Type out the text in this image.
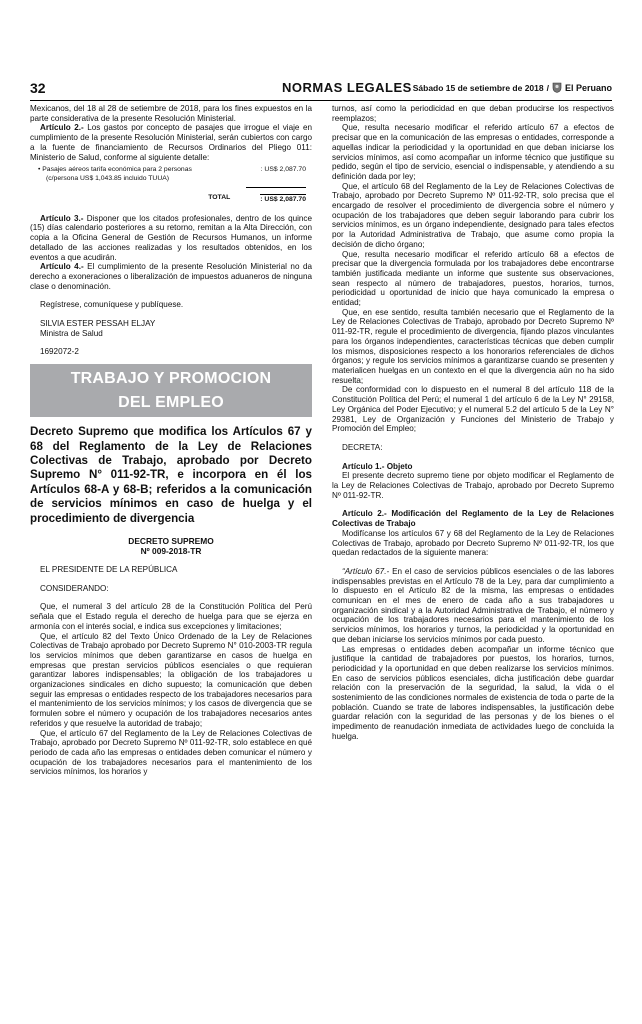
32	NORMAS LEGALES Sábado 15 de setiembre de 2018 / El Peruano

Mexicanos, del 18 al 28 de setiembre de 2018, para los fines expuestos en la parte considerativa de la presente Resolución Ministerial.

Artículo 2.- Los gastos por concepto de pasajes que irrogue el viaje en cumplimiento de la presente Resolución Ministerial, serán cubiertos con cargo a la fuente de financiamiento de Recursos Ordinarios del Pliego 011: Ministerio de Salud, conforme al siguiente detalle:

• Pasajes aéreos tarifa económica para 2 personas	: US$ 2,087.70
(c/persona US$ 1,043.85 incluido TUUA)
TOTAL	: US$ 2,087.70

Artículo 3.- Disponer que los citados profesionales, dentro de los quince (15) días calendario posteriores a su retorno, remitan a la Alta Dirección, con copia a la Oficina General de Gestión de Recursos Humanos, un informe detallado de las acciones realizadas y los resultados obtenidos, en los eventos a que acudirán.

Artículo 4.- El cumplimiento de la presente Resolución Ministerial no da derecho a exoneraciones o liberalización de impuestos aduaneros de ninguna clase o denominación.

Regístrese, comuníquese y publíquese.

SILVIA ESTER PESSAH ELJAY

Ministra de Salud

1692072-2

TRABAJO Y PROMOCION
DEL EMPLEO
Decreto Supremo que modifica los Artículos 67 y 68 del Reglamento de la Ley de Relaciones Colectivas de Trabajo, aprobado por Decreto Supremo N° 011-92-TR, e incorpora en él los Artículos 68-A y 68-B; referidos a la comunicación de servicios mínimos en caso de huelga y el procedimiento de divergencia
DECRETO SUPREMO
Nº 009-2018-TR

EL PRESIDENTE DE LA REPÚBLICA

CONSIDERANDO:

Que, el numeral 3 del artículo 28 de la Constitución Política del Perú señala que el Estado regula el derecho de huelga para que se ejerza en armonía con el interés social, e indica sus excepciones y limitaciones;

Que, el artículo 82 del Texto Único Ordenado de la Ley de Relaciones Colectivas de Trabajo aprobado por Decreto Supremo N° 010-2003-TR regula los servicios mínimos que deben garantizarse en casos de huelga en empresas que prestan servicios públicos esenciales o que requieran garantizar labores indispensables; la obligación de los trabajadores u organizaciones sindicales en dicho supuesto; la comunicación que deben seguir las empresas o entidades respecto de los trabajadores necesarios para el mantenimiento de los servicios mínimos; y los casos de divergencia que se formulen sobre el número y ocupación de los trabajadores necesarios antes referidos y que resuelve la autoridad de trabajo;

Que, el artículo 67 del Reglamento de la Ley de Relaciones Colectivas de Trabajo, aprobado por Decreto Supremo Nº 011-92-TR, solo establece en qué periodo de cada año las empresas o entidades deben comunicar el número y ocupación de los trabajadores necesarios para el mantenimiento de los servicios mínimos, los horarios y

turnos, así como la periodicidad en que deban producirse los respectivos reemplazos;

Que, resulta necesario modificar el referido artículo 67 a efectos de precisar que en la comunicación de las empresas o entidades, corresponde a aquellas indicar la periodicidad y la oportunidad en que deban iniciarse los servicios mínimos, así como acompañar un informe técnico que justifique su pedido, según el tipo de servicio, esencial o indispensable, y atendiendo a su definición dada por ley;

Que, el artículo 68 del Reglamento de la Ley de Relaciones Colectivas de Trabajo, aprobado por Decreto Supremo Nº 011-92-TR, solo precisa que el encargado de resolver el procedimiento de divergencia sobre el número y ocupación de los trabajadores que deben seguir laborando para cubrir los servicios mínimos, es un órgano independiente, designado para tales efectos por la Autoridad Administrativa de Trabajo, que asume como propia la decisión de dicho órgano;

Que, resulta necesario modificar el referido artículo 68 a efectos de precisar que la divergencia formulada por los trabajadores debe encontrarse también justificada mediante un informe que sustente sus observaciones, sean respecto al número de trabajadores, puestos, horarios, turnos, periodicidad u oportunidad de inicio que haya comunicado la empresa o entidad;

Que, en ese sentido, resulta también necesario que el Reglamento de la Ley de Relaciones Colectivas de Trabajo, aprobado por Decreto Supremo Nº 011-92-TR, regule el procedimiento de divergencia, fijando plazos vinculantes para los órganos independientes, características técnicas que deben cumplir los mismos, disposiciones respecto a los honorarios referenciales de dichos órganos; y regule los servicios mínimos a garantizarse cuando se presenten y materialicen huelgas en un contexto en el que la divergencia aún no ha sido resuelta;

De conformidad con lo dispuesto en el numeral 8 del artículo 118 de la Constitución Política del Perú; el numeral 1 del artículo 6 de la Ley N° 29158, Ley Orgánica del Poder Ejecutivo; y el numeral 5.2 del artículo 5 de la Ley N° 29381, Ley de Organización y Funciones del Ministerio de Trabajo y Promoción del Empleo;

DECRETA:

Artículo 1.- Objeto

El presente decreto supremo tiene por objeto modificar el Reglamento de la Ley de Relaciones Colectivas de Trabajo, aprobado por Decreto Supremo Nº 011-92-TR.

Artículo 2.- Modificación del Reglamento de la Ley de Relaciones Colectivas de Trabajo

Modifícanse los artículos 67 y 68 del Reglamento de la Ley de Relaciones Colectivas de Trabajo, aprobado por Decreto Supremo Nº 011-92-TR, los que quedan redactados de la siguiente manera:

“Artículo 67.- En el caso de servicios públicos esenciales o de las labores indispensables previstas en el Artículo 78 de la Ley, para dar cumplimiento a lo dispuesto en el Artículo 82 de la misma, las empresas o entidades comunican en el mes de enero de cada año a sus trabajadores u organización sindical y a la Autoridad Administrativa de Trabajo, el número y ocupación de los trabajadores necesarios para el mantenimiento de los servicios mínimos, los horarios y turnos, la periodicidad y la oportunidad en que deban iniciarse los servicios mínimos por cada puesto.

Las empresas o entidades deben acompañar un informe técnico que justifique la cantidad de trabajadores por puestos, los horarios, turnos, periodicidad y la oportunidad en que deben realizarse los servicios mínimos. En caso de servicios públicos esenciales, dicha justificación debe guardar relación con la preservación de la seguridad, la salud, la vida o el sostenimiento de las condiciones normales de existencia de toda o parte de la población. Cuando se trate de labores indispensables, la justificación debe guardar relación con la seguridad de las personas y de los bienes o el impedimento de reanudación inmediata de actividades luego de concluida la huelga.
